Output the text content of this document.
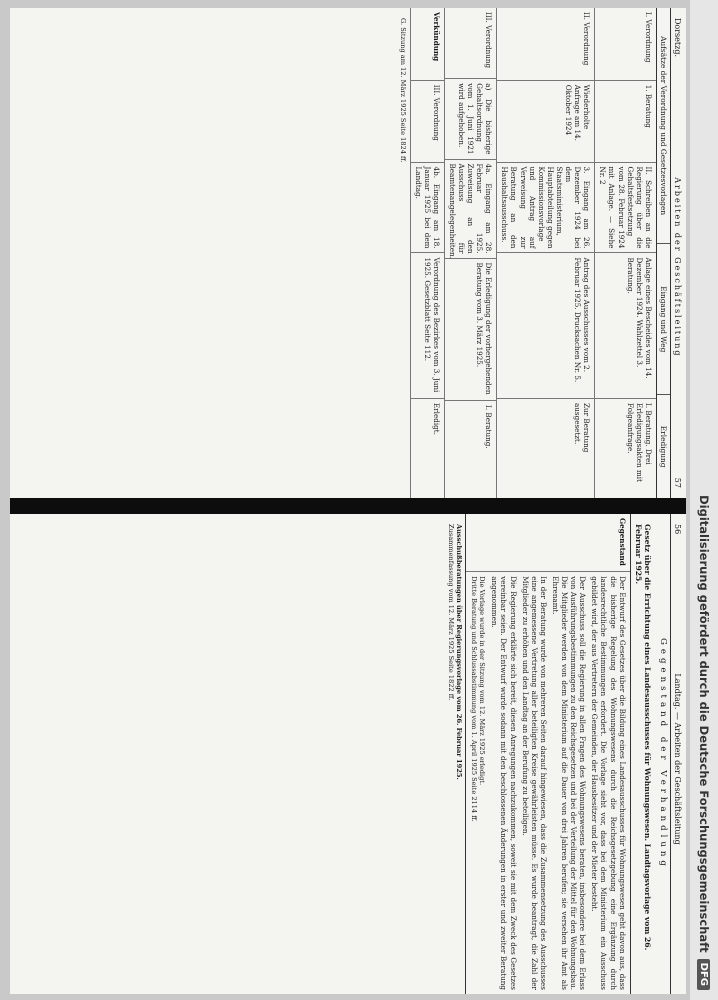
Dorsetzg.
Arbeiten der Geschäftsleitung
57
Aufsätze der Verordnung und Gesetzesvorlagen
Eingang und Weg
Erledigung
I. Verordnung
1. Beratung
II. Schreiben an die Regierung über die Gehaltsfestsetzung vom 28. Februar 1924 mit Anlage. — Siehe Nr. 2
Anlage eines Bescheides vom 14. Dezember 1924. Wahlzettel 3. Beratung.
I. Beratung. Drei Erledigungsakten mit Folgeanfrage.
II. Verordnung
Wiederholte Anfrage am 14. Oktober 1924
3. Eingang am 26. Dezember 1924 bei dem Staatsministerium, Hauptabteilung gegen Kommissionsvorlage und Antrag auf Verweisung zur Beratung an den Haushaltsausschuss.
Antrag des Ausschusses vom 2. Februar 1925. Drucksachen Nr. 5.
Zur Beratung ausgesetzt.
III. Verordnung
a) Die bisherige Gehaltsordnung vom 1. Juni 1921 wird aufgehoben.
4a. Eingang am 28. Februar 1925. Zuweisung an den Ausschuss für Beamtenangelegenheiten.
Die Erledigung der vorhergehenden Beratung vom 3. März 1925.
I. Beratung.
Verkündung
III. Verordnung
4b. Eingang am 18. Januar 1925 bei dem Landtag.
Verordnung des Bezirkes vom 3. Juni 1925. Gesetzblatt Seite 112.
Erledigt.
G. Sitzung am 12. März 1925 Seite 1824 ff.
56
Landtag. — Arbeiten der Geschäftsleitung
Gegenstand der Verhandlung
Gesetz über die Errichtung eines Landesausschusses für Wohnungswesen. Landtagsvorlage vom 26. Februar 1925.
Gegenstand

Der Entwurf des Gesetzes über die Bildung eines Landesausschusses für Wohnungswesen geht davon aus, dass die bisherige Regelung des Wohnungswesens durch die Reichsgesetzgebung eine Ergänzung durch landesrechtliche Bestimmungen erfordert. Die Vorlage sieht vor, dass bei dem Ministerium ein Ausschuss gebildet wird, der aus Vertretern der Gemeinden, der Hausbesitzer und der Mieter besteht.

Der Ausschuss soll die Regierung in allen Fragen des Wohnungswesens beraten, insbesondere bei dem Erlass von Ausführungsbestimmungen zu den Reichsgesetzen und bei der Verteilung der Mittel für den Wohnungsbau. Die Mitglieder werden von dem Ministerium auf die Dauer von drei Jahren berufen; sie versehen ihr Amt als Ehrenamt.

In der Beratung wurde von mehreren Seiten darauf hingewiesen, dass die Zusammensetzung des Ausschusses eine angemessene Vertretung aller beteiligten Kreise gewährleisten müsse. Es wurde beantragt, die Zahl der Mitglieder zu erhöhen und den Landtag an der Berufung zu beteiligen.

Die Regierung erklärte sich bereit, diesen Anregungen nachzukommen, soweit sie mit dem Zweck des Gesetzes vereinbar seien. Der Entwurf wurde sodann mit den beschlossenen Änderungen in erster und zweiter Beratung angenommen.

Die Vorlage wurde in der Sitzung vom 12. März 1925 erledigt.

Dritte Beratung und Schlussabstimmung vom 1. April 1925 Seite 2114 ff.

Ausschußberatungen über Regierungsvorlage vom 26. Februar 1925.
Zusammenfassung vom 12. März 1925 Seite 1822 ff.	Digitalisierung gefördert durch die Deutsche Forschungsgemeinschaft
DFG
